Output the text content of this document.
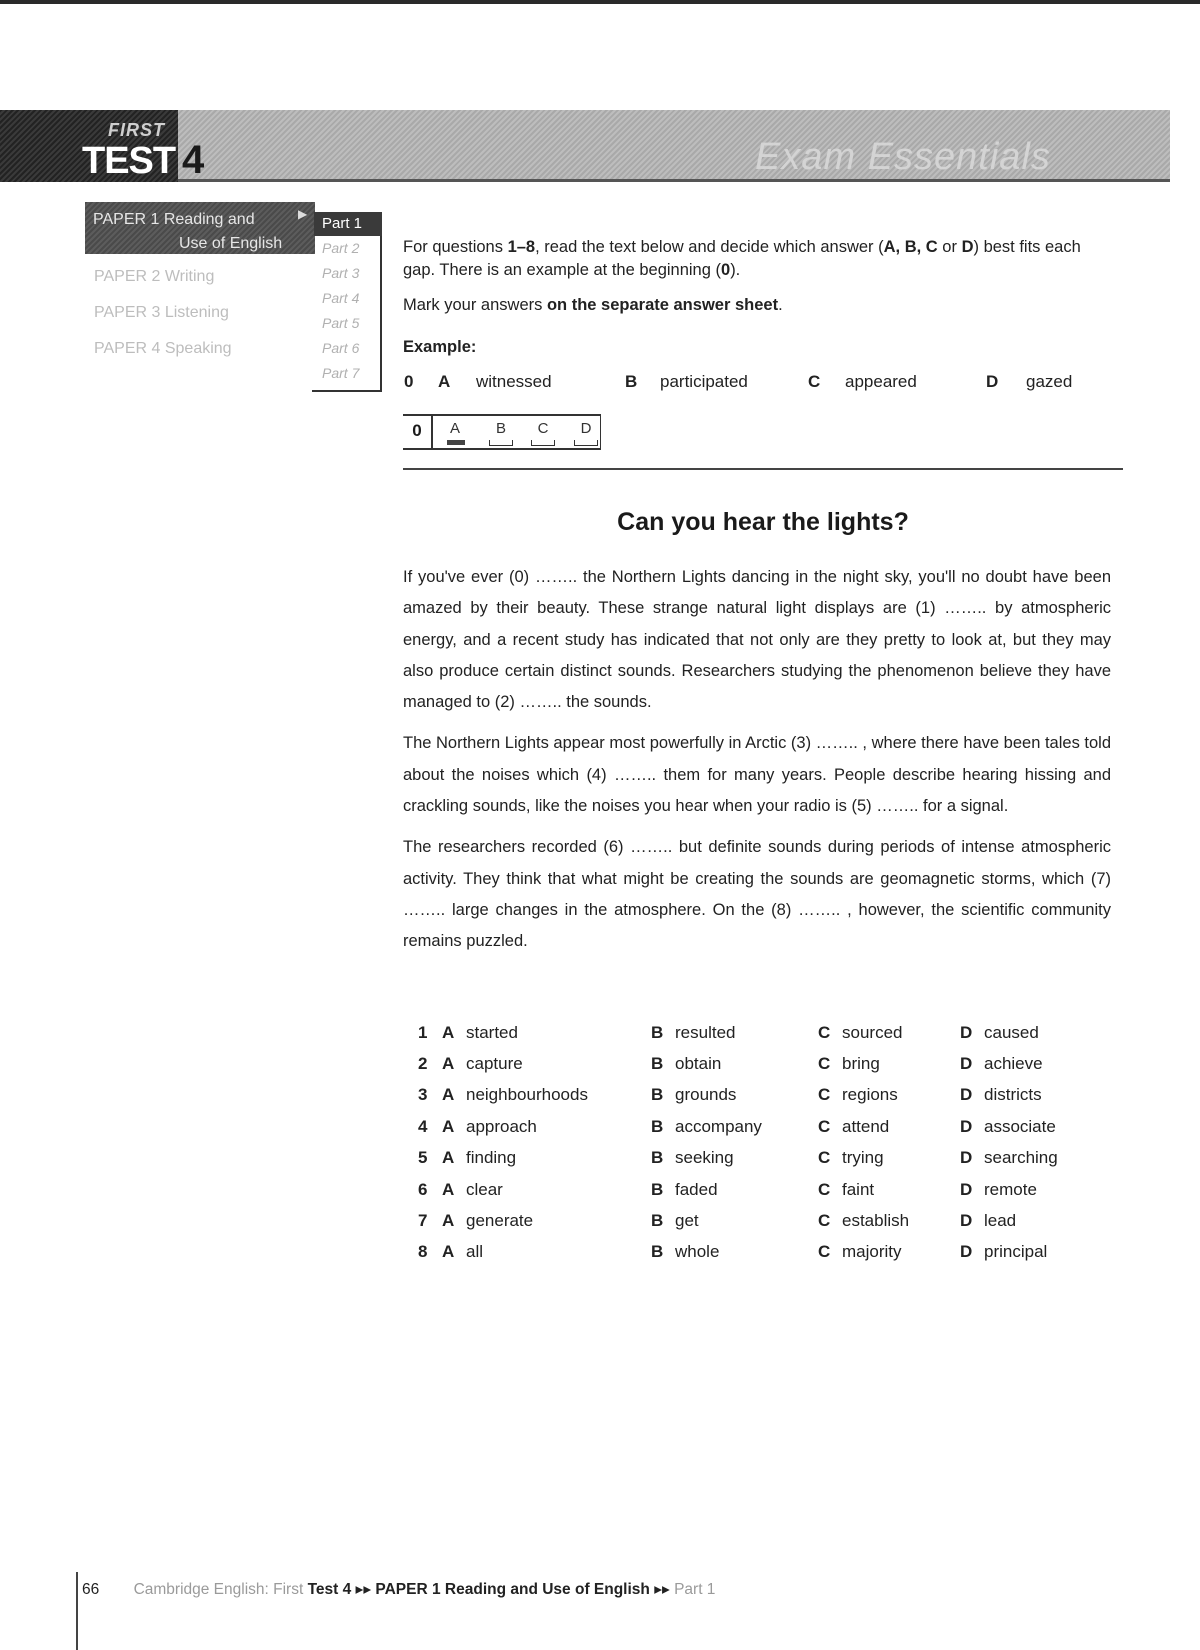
FIRST
TEST 4	Exam Essentials
PAPER 1 Reading and
Use of English
▶
PAPER 2 Writing
PAPER 3 Listening
PAPER 4 Speaking
Part 1
Part 2
Part 3
Part 4
Part 5
Part 6
Part 7
For questions 1–8, read the text below and decide which answer (A, B, C or D) best fits each gap. There is an example at the beginning (0).
Mark your answers on the separate answer sheet.
Example:
0 A witnessed	B participated	C appeared	D gazed
0	A	B	C	D
Can you hear the lights?

If you've ever (0) …….. the Northern Lights dancing in the night sky, you'll no doubt have been amazed by their beauty. These strange natural light displays are (1) …….. by atmospheric energy, and a recent study has indicated that not only are they pretty to look at, but they may also produce certain distinct sounds. Researchers studying the phenomenon believe they have managed to (2) …….. the sounds.

The Northern Lights appear most powerfully in Arctic (3) …….. , where there have been tales told about the noises which (4) …….. them for many years. People describe hearing hissing and crackling sounds, like the noises you hear when your radio is (5) …….. for a signal.

The researchers recorded (6) …….. but definite sounds during periods of intense atmospheric activity. They think that what might be creating the sounds are geomagnetic storms, which (7) …….. large changes in the atmosphere. On the (8) …….. , however, the scientific community remains puzzled.

1	A	started	B	resulted	C	sourced	D	caused
2	A	capture	B	obtain	C	bring	D	achieve
3	A	neighbourhoods	B	grounds	C	regions	D	districts
4	A	approach	B	accompany	C	attend	D	associate
5	A	finding	B	seeking	C	trying	D	searching
6	A	clear	B	faded	C	faint	D	remote
7	A	generate	B	get	C	establish	D	lead
8	A	all	B	whole	C	majority	D	principal
66 Cambridge English: First Test 4 ▸▸ PAPER 1 Reading and Use of English ▸▸ Part 1
